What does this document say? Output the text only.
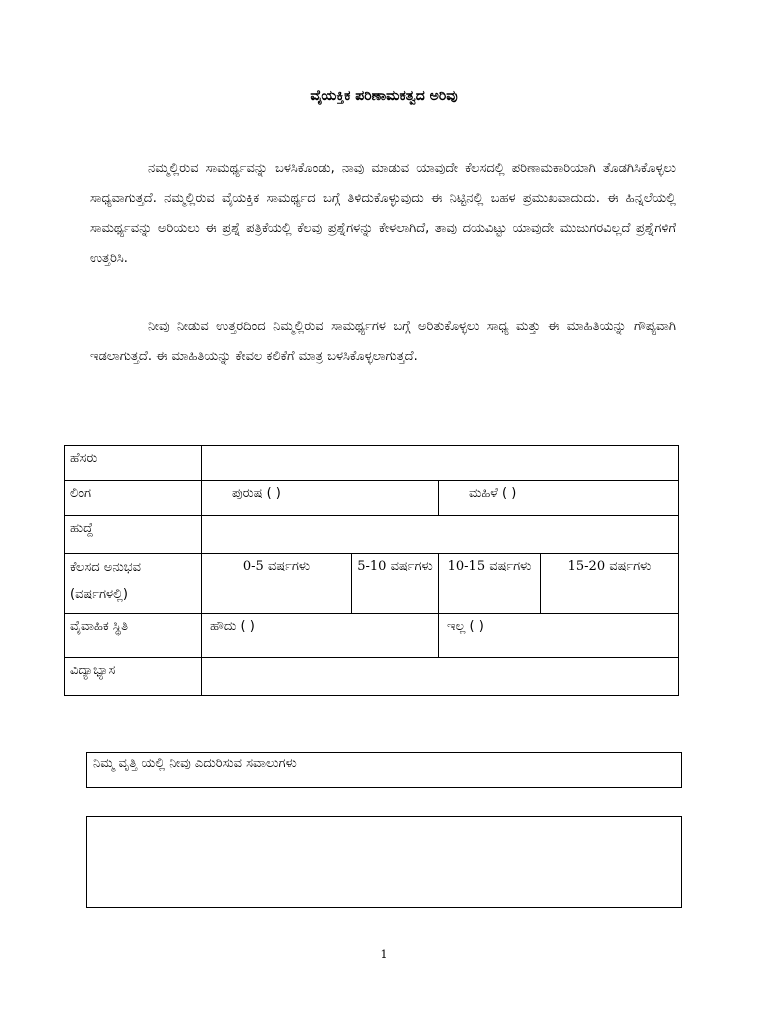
ವೈಯಕ್ತಿಕ ಪರಿಣಾಮಕತ್ವದ ಅರಿವು

ನಮ್ಮಲ್ಲಿರುವ ಸಾಮರ್ಥ್ಯವನ್ನು ಬಳಸಿಕೊಂಡು, ನಾವು ಮಾಡುವ ಯಾವುದೇ ಕೆಲಸದಲ್ಲಿ ಪರಿಣಾಮಕಾರಿಯಾಗಿ ತೊಡಗಿಸಿಕೊಳ್ಳಲು ಸಾಧ್ಯವಾಗುತ್ತದೆ. ನಮ್ಮಲ್ಲಿರುವ ವೈಯಕ್ತಿಕ ಸಾಮರ್ಥ್ಯದ ಬಗ್ಗೆ ತಿಳಿದುಕೊಳ್ಳುವುದು ಈ ನಿಟ್ಟಿನಲ್ಲಿ ಬಹಳ ಪ್ರಮುಖವಾದುದು. ಈ ಹಿನ್ನಲೆಯಲ್ಲಿ ಸಾಮರ್ಥ್ಯವನ್ನು ಅರಿಯಲು ಈ ಪ್ರಶ್ನೆ ಪತ್ರಿಕೆಯಲ್ಲಿ ಕೆಲವು ಪ್ರಶ್ನೆಗಳನ್ನು ಕೇಳಲಾಗಿದೆ, ತಾವು ದಯವಿಟ್ಟು ಯಾವುದೇ ಮುಜುಗರವಿಲ್ಲದೆ ಪ್ರಶ್ನೆಗಳಿಗೆ ಉತ್ತರಿಸಿ.

ನೀವು ನೀಡುವ ಉತ್ತರದಿಂದ ನಿಮ್ಮಲ್ಲಿರುವ ಸಾಮರ್ಥ್ಯಗಳ ಬಗ್ಗೆ ಅರಿತುಕೊಳ್ಳಲು ಸಾಧ್ಯ ಮತ್ತು ಈ ಮಾಹಿತಿಯನ್ನು ಗೌಪ್ಯವಾಗಿ ಇಡಲಾಗುತ್ತದೆ. ಈ ಮಾಹಿತಿಯನ್ನು ಕೇವಲ ಕಲಿಕೆಗೆ ಮಾತ್ರ ಬಳಸಿಕೊಳ್ಳಲಾಗುತ್ತದೆ.

ಹೆಸರು				
ಲಿಂಗ	ಪುರುಷ ( )		ಮಹಿಳೆ ( )	
ಹುದ್ದೆ				
ಕೆಲಸದ ಅನುಭವ (ವರ್ಷಗಳಲ್ಲಿ)	0-5 ವರ್ಷಗಳು	5-10 ವರ್ಷಗಳು	10-15 ವರ್ಷಗಳು	15-20 ವರ್ಷಗಳು
ವೈವಾಹಿಕ ಸ್ಥಿತಿ	ಹೌದು ( )		ಇಲ್ಲ ( )	
ವಿದ್ಯಾಭ್ಯಾಸ				
ನಿಮ್ಮ ವೃತ್ತಿ ಯಲ್ಲಿ ನೀವು ಎದುರಿಸುವ ಸವಾಲುಗಳು
1
